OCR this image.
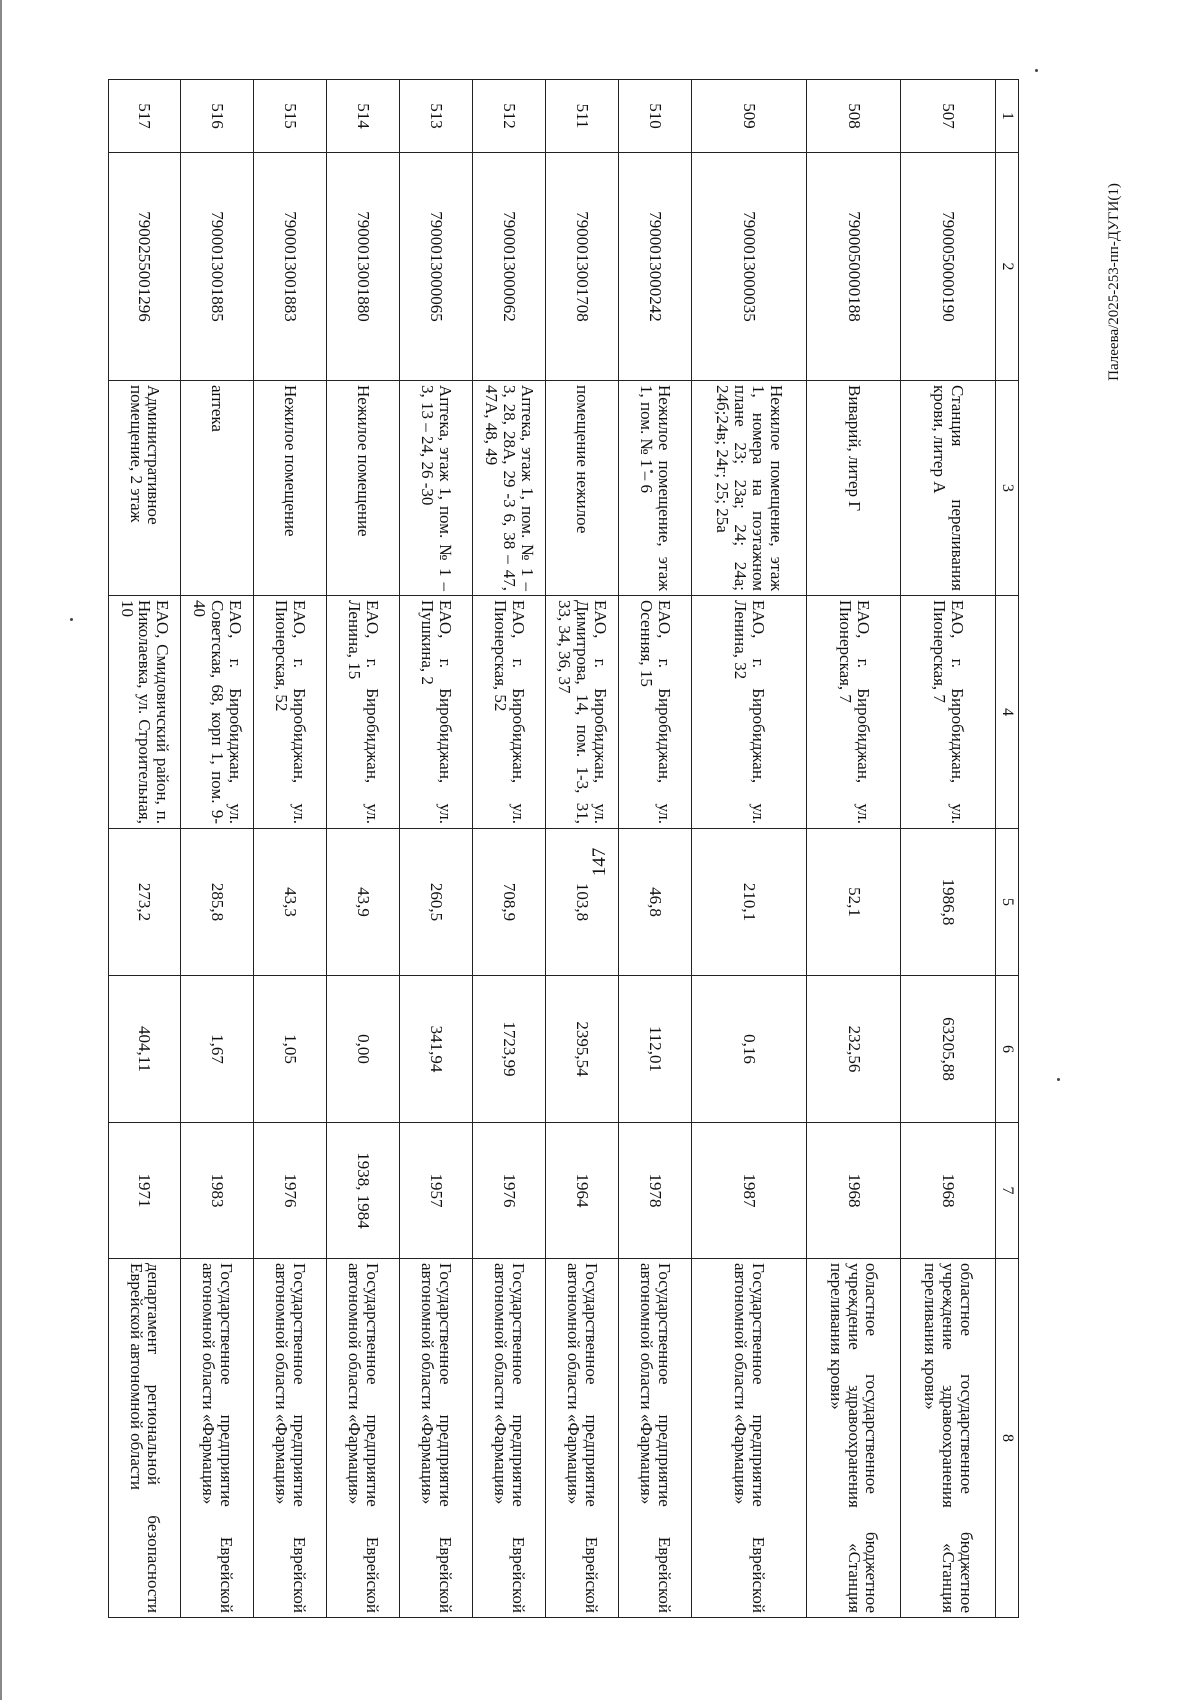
147
Палеева/2025-253-пп-ДУГИ(1)
1	2	3	4	5	6	7	8
507	7900050000190	Станция переливания крови, литер А	ЕАО, г. Биробиджан, ул. Пионерская, 7	1986,8	63205,88	1968	областное государственное бюджетное учреждение здравоохранения «Станция переливания крови»
508	7900050000188	Виварий, литер Г	ЕАО, г. Биробиджан, ул. Пионерская, 7	52,1	232,56	1968	областное государственное бюджетное учреждение здравоохранения «Станция переливания крови»
509	7900013000035	Нежилое помещение, этаж 1, номера на поэтажном плане 23; 23а; 24; 24а; 24б;24в; 24г; 25; 25а	ЕАО, г. Биробиджан, ул. Ленина, 32	210,1	0,16	1987	Государственное предприятие Еврейской автономной области «Фармация»
510	7900013000242	Нежилое помещение, этаж 1, пом. № 1 – 6	ЕАО, г. Биробиджан, ул. Осенняя, 15	46,8	112,01	1978	Государственное предприятие Еврейской автономной области «Фармация»
511	7900013001708	помещение нежилое	ЕАО, г. Биробиджан, ул. Димитрова, 14, пом. 1-3, 31, 33, 34, 36, 37	103,8	2395,54	1964	Государственное предприятие Еврейской автономной области «Фармация»
512	7900013000062	Аптека, этаж 1, пом. № 1 – 3, 28, 28А, 29 -3 6, 38 – 47, 47А, 48, 49	ЕАО, г. Биробиджан, ул. Пионерская, 52	708,9	1723,99	1976	Государственное предприятие Еврейской автономной области «Фармация»
513	7900013000065	Аптека, этаж 1, пом. № 1 – 3, 13 – 24, 26 -30	ЕАО, г. Биробиджан, ул. Пушкина, 2	260,5	341,94	1957	Государственное предприятие Еврейской автономной области «Фармация»
514	7900013001880	Нежилое помещение	ЕАО, г. Биробиджан, ул. Ленина, 15	43,9	0,00	1938, 1984	Государственное предприятие Еврейской автономной области «Фармация»
515	7900013001883	Нежилое помещение	ЕАО, г. Биробиджан, ул. Пионерская, 52	43,3	1,05	1976	Государственное предприятие Еврейской автономной области «Фармация»
516	7900013001885	аптека	ЕАО, г. Биробиджан, ул. Советская, 68, корп 1, пом. 9-40	285,8	1,67	1983	Государственное предприятие Еврейской автономной области «Фармация»
517	7900255001296	Административное помещение, 2 этаж	ЕАО, Смидовичский район, п. Николаевка, ул. Строительная, 10	273,2	404,11	1971	департамент региональной безопасности Еврейской автономной области
